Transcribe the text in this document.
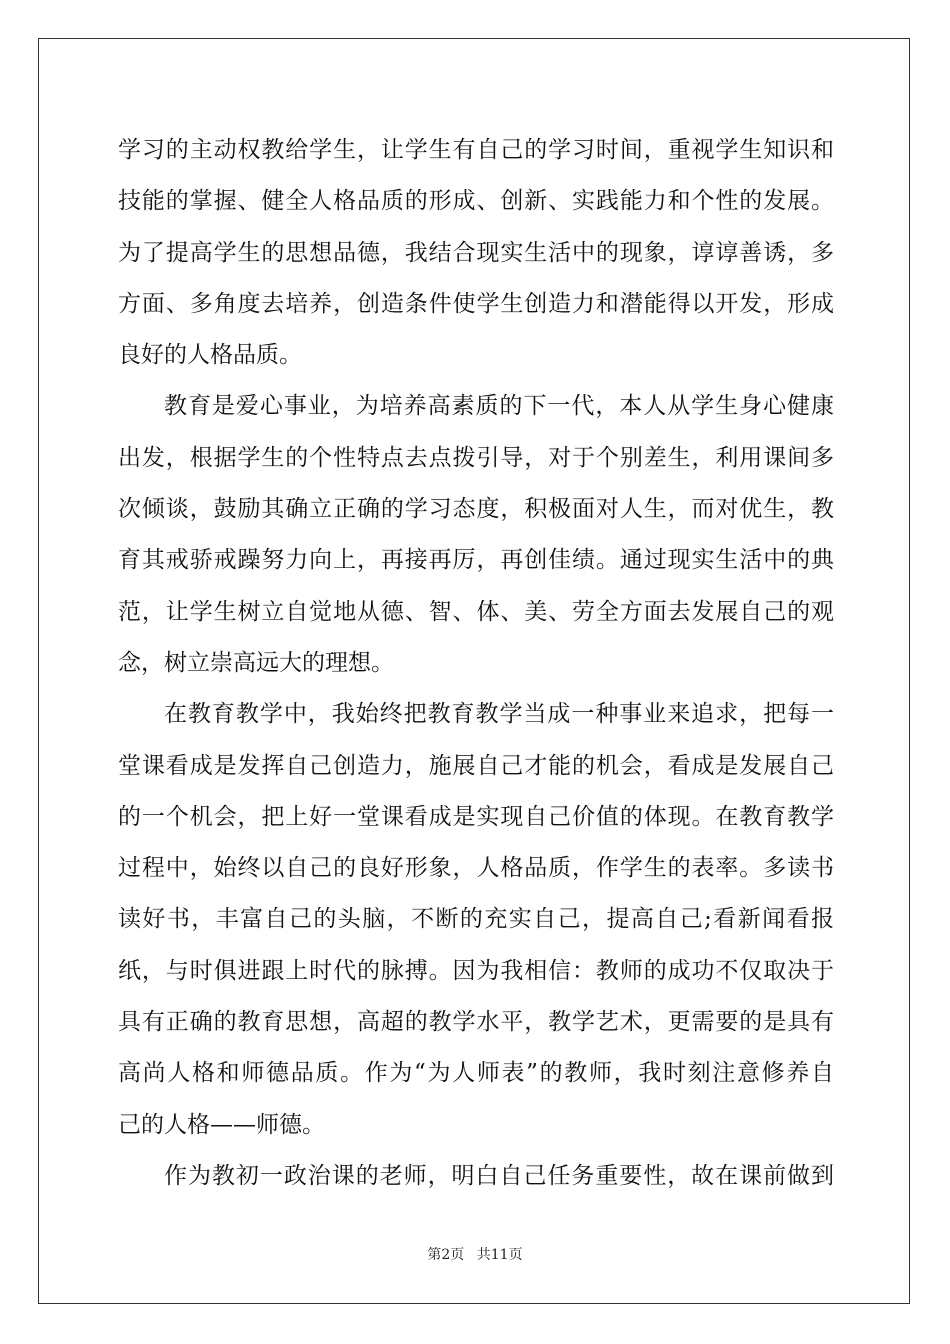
学习的主动权教给学生，让学生有自己的学习时间，重视学生知识和
技能的掌握、健全人格品质的形成、创新、实践能力和个性的发展。
为了提高学生的思想品德，我结合现实生活中的现象，谆谆善诱，多
方面、多角度去培养，创造条件使学生创造力和潜能得以开发，形成
良好的人格品质。
教育是爱心事业，为培养高素质的下一代，本人从学生身心健康
出发，根据学生的个性特点去点拨引导，对于个别差生，利用课间多
次倾谈，鼓励其确立正确的学习态度，积极面对人生，而对优生，教
育其戒骄戒躁努力向上，再接再厉，再创佳绩。通过现实生活中的典
范，让学生树立自觉地从德、智、体、美、劳全方面去发展自己的观
念，树立崇高远大的理想。
在教育教学中，我始终把教育教学当成一种事业来追求，把每一
堂课看成是发挥自己创造力，施展自己才能的机会，看成是发展自己
的一个机会，把上好一堂课看成是实现自己价值的体现。在教育教学
过程中，始终以自己的良好形象，人格品质，作学生的表率。多读书
读好书，丰富自己的头脑，不断的充实自己，提高自己;看新闻看报
纸，与时俱进跟上时代的脉搏。因为我相信：教师的成功不仅取决于
具有正确的教育思想，高超的教学水平，教学艺术，更需要的是具有
高尚人格和师德品质。作为“为人师表”的教师，我时刻注意修养自
己的人格——师德。
作为教初一政治课的老师，明白自己任务重要性，故在课前做到
第2页 共11页
